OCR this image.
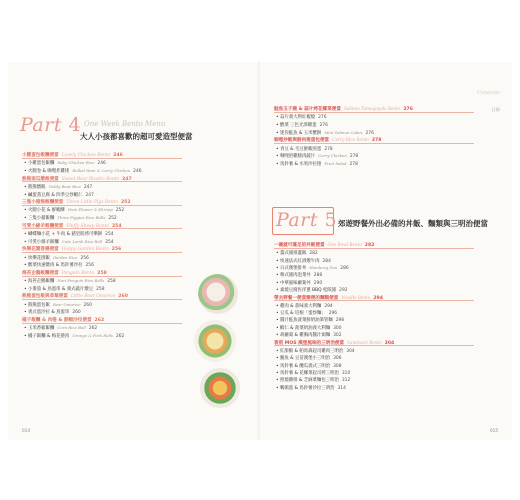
Part 4 One Week Bento Menu
大人小孩都喜歡的超可愛造型便當
小雞蛋包飯糰便當 Lovely Chicken Bento 246
• 小雞蛋包飯糰 Baby Chicken Rice 246
• 火腿卷 & 咖哩炸雞排 Rolled Ham & Curry Chicken 246
熊熊南瓜燉飯便當 Sweet Bear Risotto Bento 247
• 熊熊燉飯 Teddy Bear Rice 247
• 鹹蛋蒸豆腐 & 四季豆炒蝦仁 247
三隻小豬熊飯糰便當 Three Little Pigs Bento 252
• 火腿小花 & 鮮蝦酥 Ham Flower & Shrimp 252
• 三隻小豬飯糰 Three Piggies Rice Balls 252
可愛小綿羊飯糰便當 Fluffy Sheep Bento 254
• 蝴蝶麵小花 + 牛肉 & 豬里肌烤可樂餅 254
• 可愛小綿羊飯糰 Cute Lamb Rice Ball 254
快樂花園香腸便當 Happy Garden Bento 256
• 快樂花園飯 Garden Rice 256
• 酸菜快速燉肉 & 馬鈴薯沙拉 256
海苔企鵝飯糰便當 Penguin Bento 258
• 海苔企鵝飯糰 Nori Penguin Rice Balls 258
• 小番茄 & 鳥蛋串 & 義式蔬片燉豆 258
熊熊蛋包飯與草莓便當 Little Bear Omurice 260
• 熊熊蛋包飯 Bear Omurice 260
• 義式蛋沙拉 & 鳥蛋串 260
橘子飯糰 & 肉捲 & 鮮蝦沙拉便當 262
• 玉米香鬆飯糰 Corn Rice Ball 262
• 橘子飯糰 & 梅花捲肉 Orange & Pork Rolls 262
014
Contents
目錄
鮭魚玉子燒 & 蒜片烤花椰菜便當 Salmon Tamagoyaki Bento 276
• 蒜片義大利紅椒燒 276
• 酸菜 三色光澤雞蛋 276
• 迷你鮭魚 & 玉米蟹餅 Mini Salmon Cakes 276
咖哩炒飯與鮮肉捲蛋包便當 Curry Rice Bento 278
• 青豆 & 毛豆鮮蝦煎蛋 278
• 咖哩煎雞腿肉蔬片 Curry Chicken 278
• 馬鈴薯 & 水果沙拉捲 Fruit Salad 278
Part 5 郊遊野餐外出必備的丼飯、麵類與三明治便當
一碗就可滿足的丼飯便當 One Bowl Bento 282
• 薑式豬排蓋飯 282
• 快速法式紅酒燉牛肉 284
• 日式漢堡排丼 Hamburg Don 286
• 韓式豬肉泡菜丼 288
• 中華風味蘿蔔丼 290
• 素燒豆腐佐洋蔥 BBQ 松阪豬 292
帶去野餐一便當簡便的麵類便當 Noodle Bento 294
• 雞肉 & 茄味義大利麵 294
• 豆瓜 & 培根「蛋炒麵」 296
• 醬汁鮭魚菠菜鮮奶油筆管麵 298
• 蝦仁 & 菠菜奶油義大利麵 300
• 胡蘿蔔 & 雞胸肉醬汁焗麵 302
香煎 MOS 漢堡風味的三明治便當 Sandwich Bento 304
• 紅甜椒 & 帕馬森起司雞肉三明治 304
• 鮪魚 & 豆苗漢堡小三明治 306
• 馬鈴薯 & 醃瓜義式三明治 308
• 馬鈴薯 & 花椰菜起司烤三明治 310
• 照燒雞排 & 芝麻菜麵包三明治 312
• 鵪鶉蛋 & 馬鈴薯沙拉三明治 314
015
